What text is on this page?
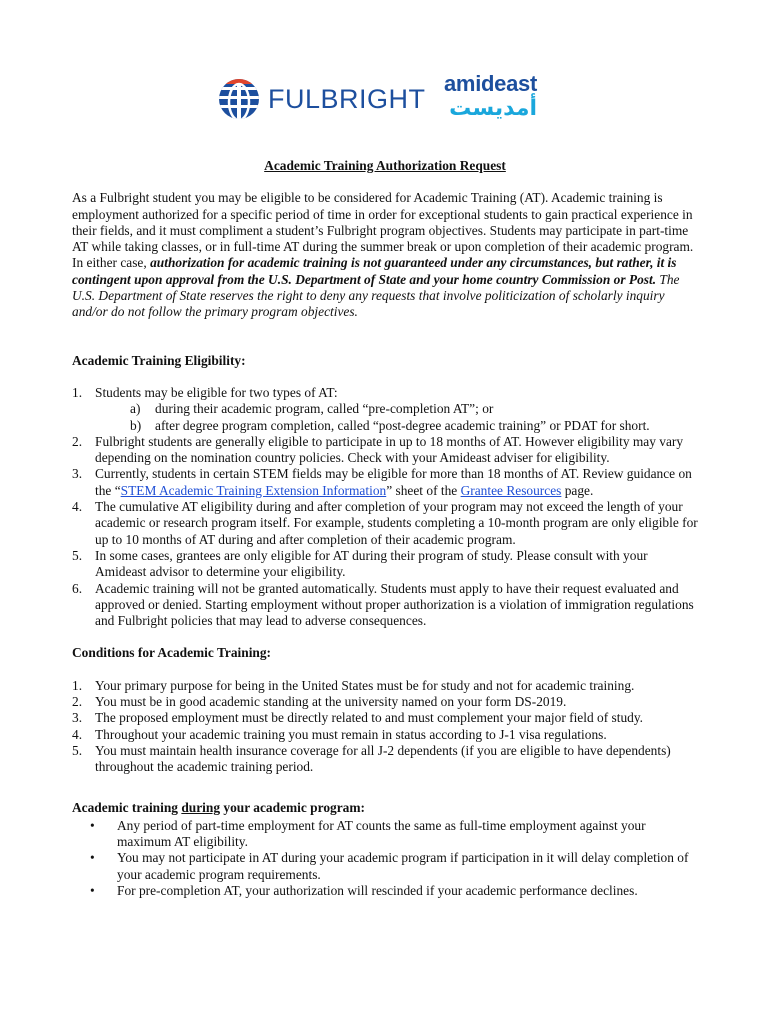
FULBRIGHT amideast
أمديست

Academic Training Authorization Request

As a Fulbright student you may be eligible to be considered for Academic Training (AT). Academic training is employment authorized for a specific period of time in order for exceptional students to gain practical experience in their fields, and it must compliment a student’s Fulbright program objectives. Students may participate in part-time AT while taking classes, or in full-time AT during the summer break or upon completion of their academic program. In either case, authorization for academic training is not guaranteed under any circumstances, but rather, it is contingent upon approval from the U.S. Department of State and your home country Commission or Post. The U.S. Department of State reserves the right to deny any requests that involve politicization of scholarly inquiry and/or do not follow the primary program objectives.

Academic Training Eligibility:

1. Students may be eligible for two types of AT:
a)	during their academic program, called “pre-completion AT”; or
b)	after degree program completion, called “post-degree academic training” or PDAT for short.
2. Fulbright students are generally eligible to participate in up to 18 months of AT. However eligibility may vary depending on the nomination country policies. Check with your Amideast adviser for eligibility.
3. Currently, students in certain STEM fields may be eligible for more than 18 months of AT. Review guidance on the “STEM Academic Training Extension Information” sheet of the Grantee Resources page.
4. The cumulative AT eligibility during and after completion of your program may not exceed the length of your academic or research program itself. For example, students completing a 10-month program are only eligible for up to 10 months of AT during and after completion of their academic program.
5. In some cases, grantees are only eligible for AT during their program of study. Please consult with your Amideast advisor to determine your eligibility.
6. Academic training will not be granted automatically. Students must apply to have their request evaluated and approved or denied. Starting employment without proper authorization is a violation of immigration regulations and Fulbright policies that may lead to adverse consequences.

Conditions for Academic Training:

1. Your primary purpose for being in the United States must be for study and not for academic training.
2. You must be in good academic standing at the university named on your form DS-2019.
3. The proposed employment must be directly related to and must complement your major field of study.
4. Throughout your academic training you must remain in status according to J-1 visa regulations.
5. You must maintain health insurance coverage for all J-2 dependents (if you are eligible to have dependents) throughout the academic training period.

Academic training during your academic program:

•	Any period of part-time employment for AT counts the same as full-time employment against your maximum AT eligibility.
•	You may not participate in AT during your academic program if participation in it will delay completion of your academic program requirements.
•	For pre-completion AT, your authorization will rescinded if your academic performance declines.
